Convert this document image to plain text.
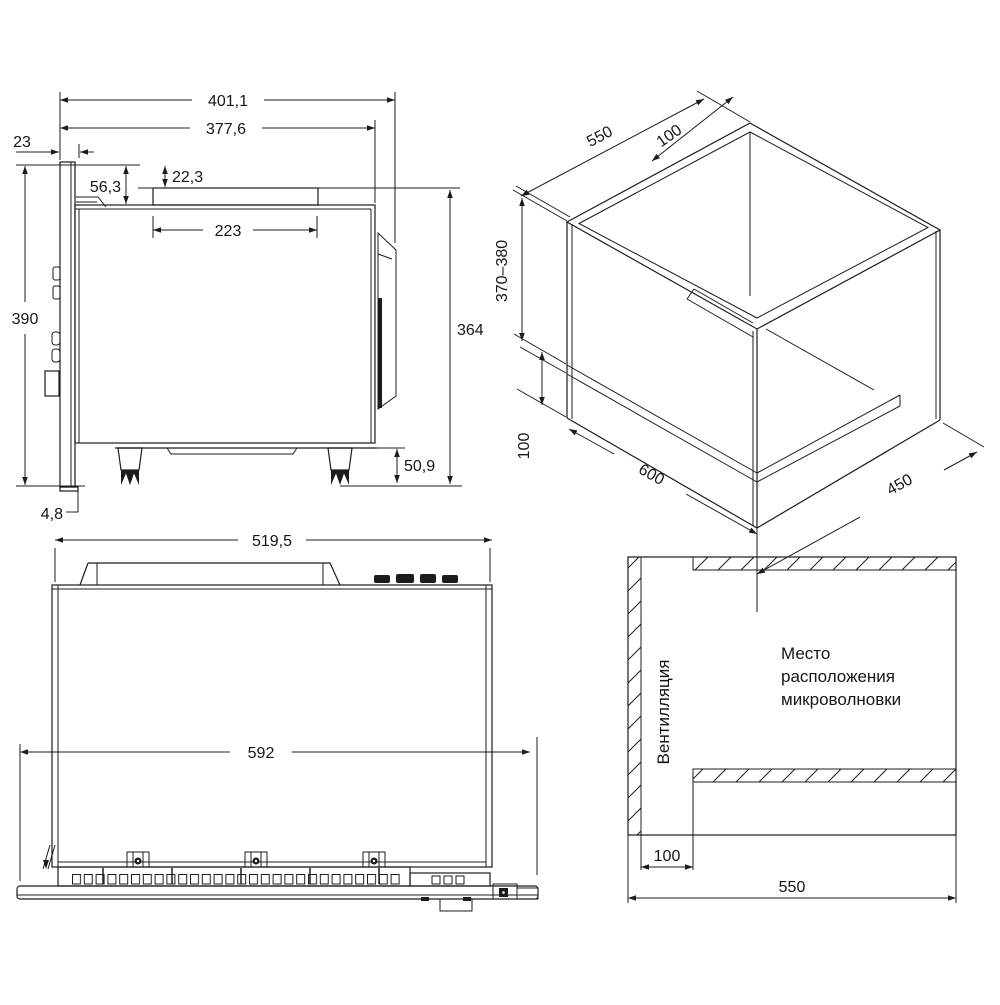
401,1
377,6
23
390
56,3
22,3
223
364
50,9
4,8
550 100
370–380
100
600	450
519,5
592	Вентилляция
Место
расположения
микроволновки
100
550
